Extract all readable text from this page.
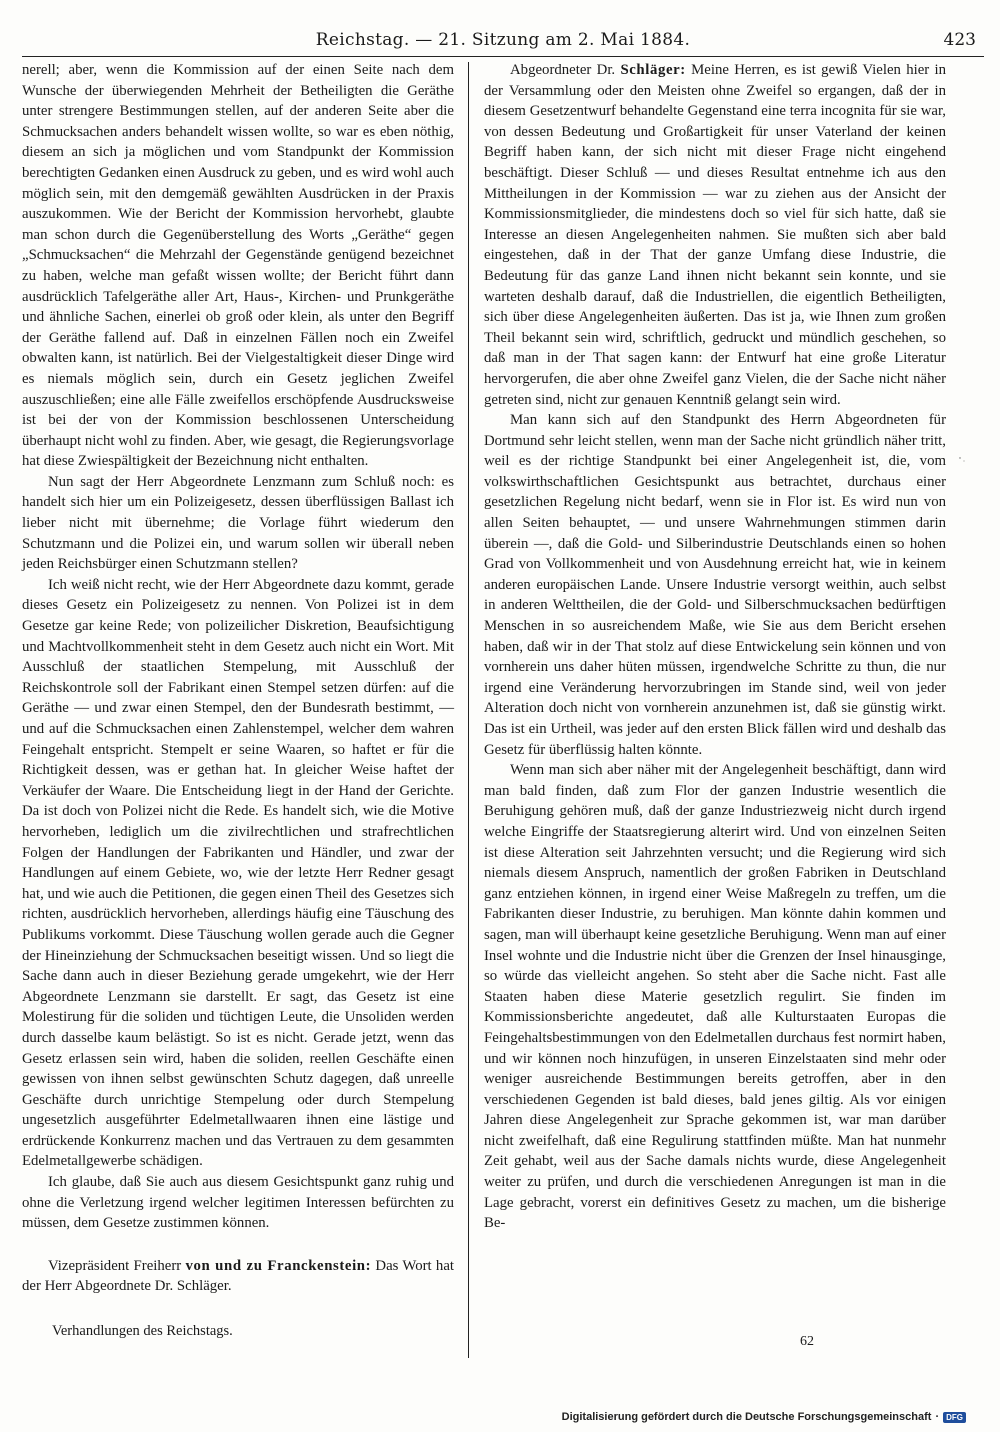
Reichstag. — 21. Sitzung am 2. Mai 1884.	423

nerell; aber, wenn die Kommission auf der einen Seite nach dem Wunsche der überwiegenden Mehrheit der Betheiligten die Geräthe unter strengere Bestimmungen stellen, auf der anderen Seite aber die Schmucksachen anders behandelt wissen wollte, so war es eben nöthig, diesem an sich ja möglichen und vom Standpunkt der Kommission berechtigten Gedanken einen Ausdruck zu geben, und es wird wohl auch möglich sein, mit den demgemäß gewählten Ausdrücken in der Praxis auszukommen. Wie der Bericht der Kommission hervorhebt, glaubte man schon durch die Gegenüberstellung des Worts „Geräthe“ gegen „Schmucksachen“ die Mehrzahl der Gegenstände genügend bezeichnet zu haben, welche man gefaßt wissen wollte; der Bericht führt dann ausdrücklich Tafelgeräthe aller Art, Haus-, Kirchen- und Prunkgeräthe und ähnliche Sachen, einerlei ob groß oder klein, als unter den Begriff der Geräthe fallend auf. Daß in einzelnen Fällen noch ein Zweifel obwalten kann, ist natürlich. Bei der Vielgestaltigkeit dieser Dinge wird es niemals möglich sein, durch ein Gesetz jeglichen Zweifel auszuschließen; eine alle Fälle zweifellos erschöpfende Ausdrucksweise ist bei der von der Kommission beschlossenen Unterscheidung überhaupt nicht wohl zu finden. Aber, wie gesagt, die Regierungsvorlage hat diese Zwiespältigkeit der Bezeichnung nicht enthalten.

Nun sagt der Herr Abgeordnete Lenzmann zum Schluß noch: es handelt sich hier um ein Polizeigesetz, dessen überflüssigen Ballast ich lieber nicht mit übernehme; die Vorlage führt wiederum den Schutzmann und die Polizei ein, und warum sollen wir überall neben jeden Reichsbürger einen Schutzmann stellen?

Ich weiß nicht recht, wie der Herr Abgeordnete dazu kommt, gerade dieses Gesetz ein Polizeigesetz zu nennen. Von Polizei ist in dem Gesetze gar keine Rede; von polizeilicher Diskretion, Beaufsichtigung und Machtvollkommenheit steht in dem Gesetz auch nicht ein Wort. Mit Ausschluß der staatlichen Stempelung, mit Ausschluß der Reichskontrole soll der Fabrikant einen Stempel setzen dürfen: auf die Geräthe — und zwar einen Stempel, den der Bundesrath bestimmt, — und auf die Schmucksachen einen Zahlenstempel, welcher dem wahren Feingehalt entspricht. Stempelt er seine Waaren, so haftet er für die Richtigkeit dessen, was er gethan hat. In gleicher Weise haftet der Verkäufer der Waare. Die Entscheidung liegt in der Hand der Gerichte. Da ist doch von Polizei nicht die Rede. Es handelt sich, wie die Motive hervorheben, lediglich um die zivilrechtlichen und strafrechtlichen Folgen der Handlungen der Fabrikanten und Händler, und zwar der Handlungen auf einem Gebiete, wo, wie der letzte Herr Redner gesagt hat, und wie auch die Petitionen, die gegen einen Theil des Gesetzes sich richten, ausdrücklich hervorheben, allerdings häufig eine Täuschung des Publikums vorkommt. Diese Täuschung wollen gerade auch die Gegner der Hineinziehung der Schmucksachen beseitigt wissen. Und so liegt die Sache dann auch in dieser Beziehung gerade umgekehrt, wie der Herr Abgeordnete Lenzmann sie darstellt. Er sagt, das Gesetz ist eine Molestirung für die soliden und tüchtigen Leute, die Unsoliden werden durch dasselbe kaum belästigt. So ist es nicht. Gerade jetzt, wenn das Gesetz erlassen sein wird, haben die soliden, reellen Geschäfte einen gewissen von ihnen selbst gewünschten Schutz dagegen, daß unreelle Geschäfte durch unrichtige Stempelung oder durch Stempelung ungesetzlich ausgeführter Edelmetallwaaren ihnen eine lästige und erdrückende Konkurrenz machen und das Vertrauen zu dem gesammten Edelmetallgewerbe schädigen.

Ich glaube, daß Sie auch aus diesem Gesichtspunkt ganz ruhig und ohne die Verletzung irgend welcher legitimen Interessen befürchten zu müssen, dem Gesetze zustimmen können.

Vizepräsident Freiherr von und zu Franckenstein: Das Wort hat der Herr Abgeordnete Dr. Schläger.

Abgeordneter Dr. Schläger: Meine Herren, es ist gewiß Vielen hier in der Versammlung oder den Meisten ohne Zweifel so ergangen, daß der in diesem Gesetzentwurf behandelte Gegenstand eine terra incognita für sie war, von dessen Bedeutung und Großartigkeit für unser Vaterland der keinen Begriff haben kann, der sich nicht mit dieser Frage nicht eingehend beschäftigt. Dieser Schluß — und dieses Resultat entnehme ich aus den Mittheilungen in der Kommission — war zu ziehen aus der Ansicht der Kommissionsmitglieder, die mindestens doch so viel für sich hatte, daß sie Interesse an diesen Angelegenheiten nahmen. Sie mußten sich aber bald eingestehen, daß in der That der ganze Umfang diese Industrie, die Bedeutung für das ganze Land ihnen nicht bekannt sein konnte, und sie warteten deshalb darauf, daß die Industriellen, die eigentlich Betheiligten, sich über diese Angelegenheiten äußerten. Das ist ja, wie Ihnen zum großen Theil bekannt sein wird, schriftlich, gedruckt und mündlich geschehen, so daß man in der That sagen kann: der Entwurf hat eine große Literatur hervorgerufen, die aber ohne Zweifel ganz Vielen, die der Sache nicht näher getreten sind, nicht zur genauen Kenntniß gelangt sein wird.

Man kann sich auf den Standpunkt des Herrn Abgeordneten für Dortmund sehr leicht stellen, wenn man der Sache nicht gründlich näher tritt, weil es der richtige Standpunkt bei einer Angelegenheit ist, die, vom volkswirthschaftlichen Gesichtspunkt aus betrachtet, durchaus einer gesetzlichen Regelung nicht bedarf, wenn sie in Flor ist. Es wird nun von allen Seiten behauptet, — und unsere Wahrnehmungen stimmen darin überein —, daß die Gold- und Silberindustrie Deutschlands einen so hohen Grad von Vollkommenheit und von Ausdehnung erreicht hat, wie in keinem anderen europäischen Lande. Unsere Industrie versorgt weithin, auch selbst in anderen Welttheilen, die der Gold- und Silberschmucksachen bedürftigen Menschen in so ausreichendem Maße, wie Sie aus dem Bericht ersehen haben, daß wir in der That stolz auf diese Entwickelung sein können und von vornherein uns daher hüten müssen, irgendwelche Schritte zu thun, die nur irgend eine Veränderung hervorzubringen im Stande sind, weil von jeder Alteration doch nicht von vornherein anzunehmen ist, daß sie günstig wirkt. Das ist ein Urtheil, was jeder auf den ersten Blick fällen wird und deshalb das Gesetz für überflüssig halten könnte.

Wenn man sich aber näher mit der Angelegenheit beschäftigt, dann wird man bald finden, daß zum Flor der ganzen Industrie wesentlich die Beruhigung gehören muß, daß der ganze Industriezweig nicht durch irgend welche Eingriffe der Staatsregierung alterirt wird. Und von einzelnen Seiten ist diese Alteration seit Jahrzehnten versucht; und die Regierung wird sich niemals diesem Anspruch, namentlich der großen Fabriken in Deutschland ganz entziehen können, in irgend einer Weise Maßregeln zu treffen, um die Fabrikanten dieser Industrie, zu beruhigen. Man könnte dahin kommen und sagen, man will überhaupt keine gesetzliche Beruhigung. Wenn man auf einer Insel wohnte und die Industrie nicht über die Grenzen der Insel hinausginge, so würde das vielleicht angehen. So steht aber die Sache nicht. Fast alle Staaten haben diese Materie gesetzlich regulirt. Sie finden im Kommissionsberichte angedeutet, daß alle Kulturstaaten Europas die Feingehaltsbestimmungen von den Edelmetallen durchaus fest normirt haben, und wir können noch hinzufügen, in unseren Einzelstaaten sind mehr oder weniger ausreichende Bestimmungen bereits getroffen, aber in den verschiedenen Gegenden ist bald dieses, bald jenes giltig. Als vor einigen Jahren diese Angelegenheit zur Sprache gekommen ist, war man darüber nicht zweifelhaft, daß eine Regulirung stattfinden müßte. Man hat nunmehr Zeit gehabt, weil aus der Sache damals nichts wurde, diese Angelegenheit weiter zu prüfen, und durch die verschiedenen Anregungen ist man in die Lage gebracht, vorerst ein definitives Gesetz zu machen, um die bisherige Be-

Verhandlungen des Reichstags.
62
Digitalisierung gefördert durch die Deutsche Forschungsgemeinschaft · DFG
